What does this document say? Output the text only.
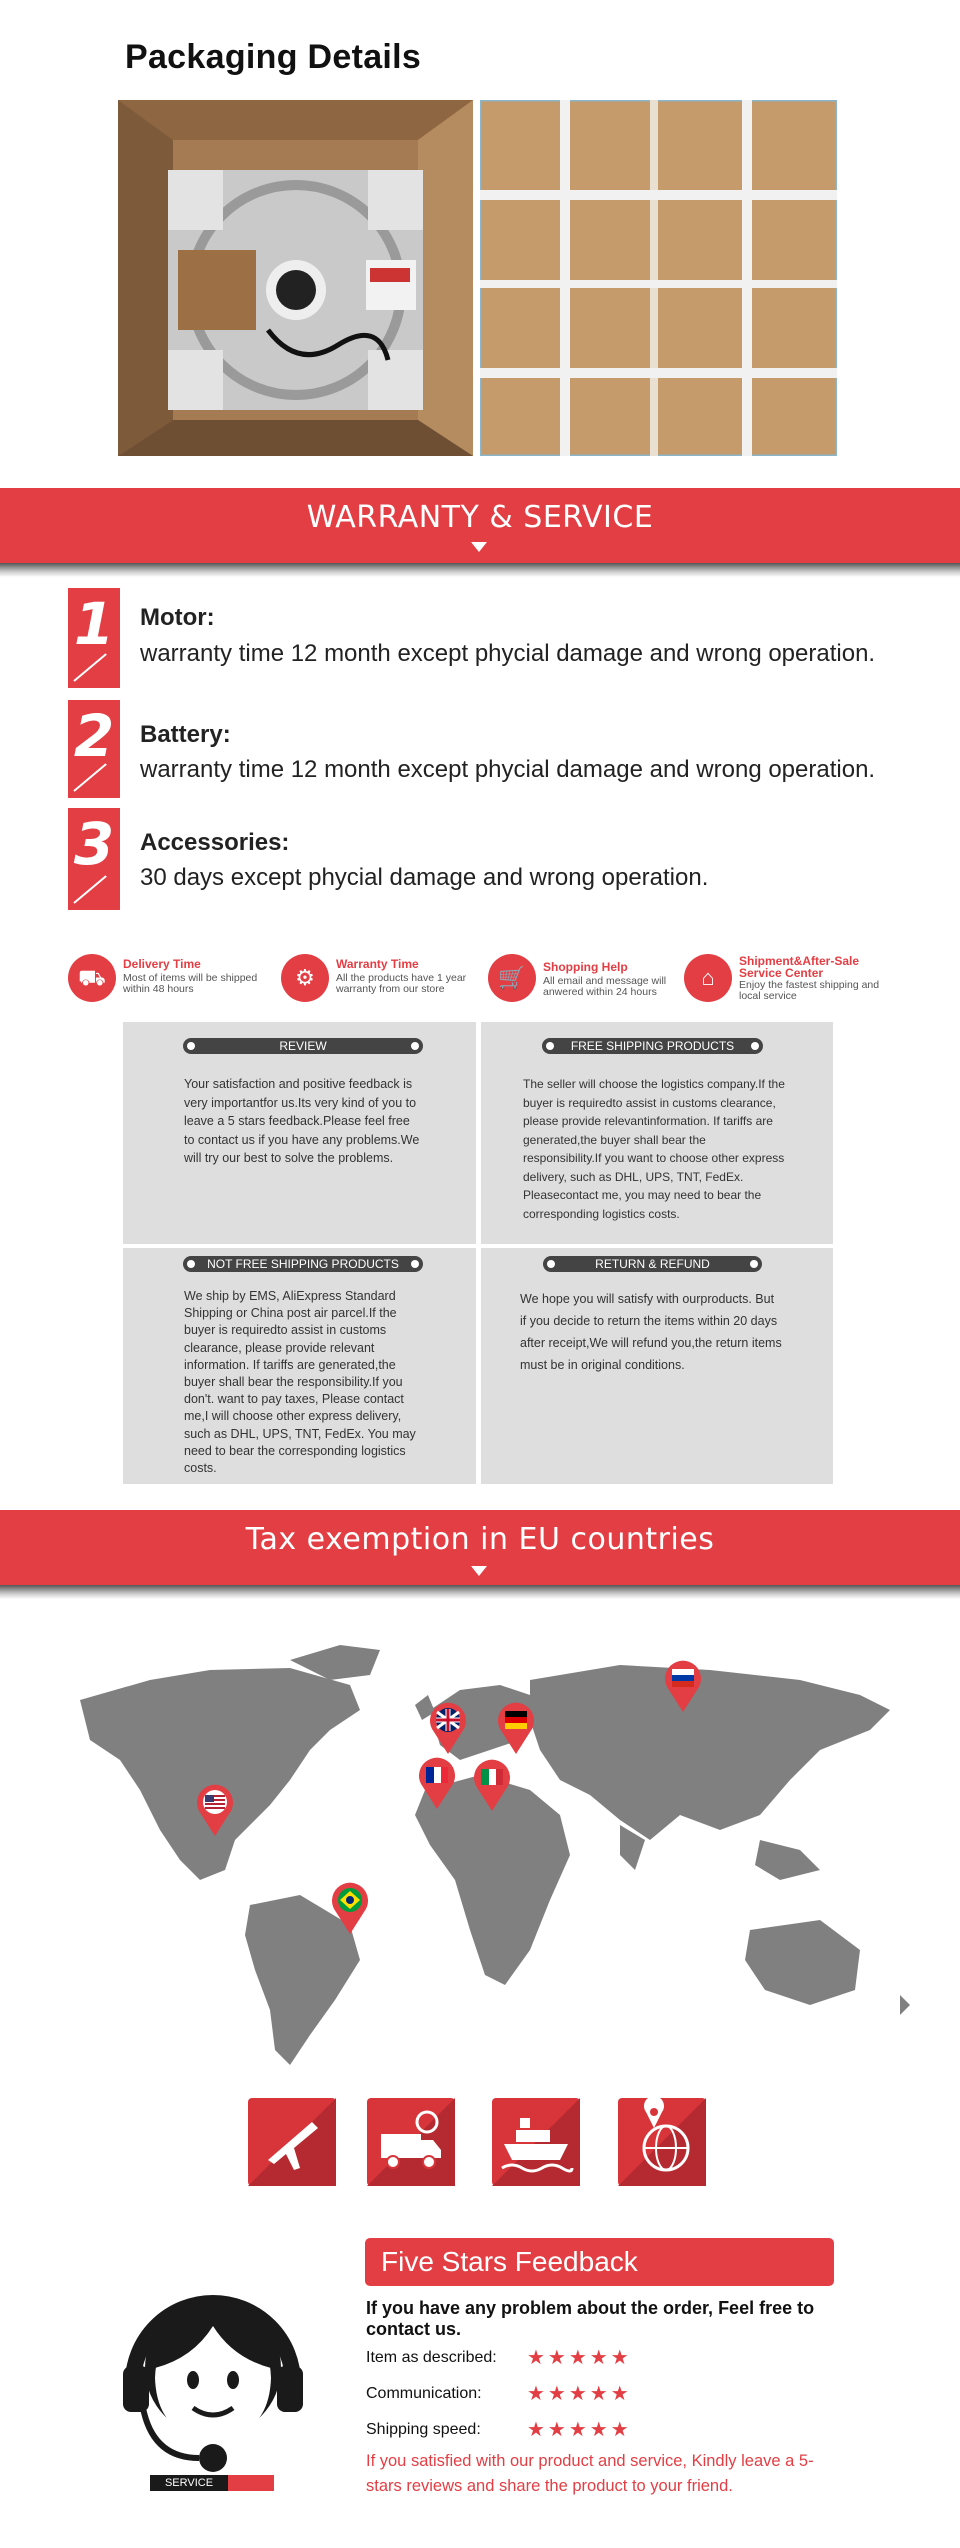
Packaging Details
WARRANTY & SERVICE
1 Motor:
warranty time 12 month except phycial damage and wrong operation.
2 Battery:
warranty time 12 month except phycial damage and wrong operation.
3 Accessories:
30 days except phycial damage and wrong operation.
⛟
Delivery Time
Most of items will be shipped
within 48 hours	⚙
Warranty Time
All the products have 1 year
warranty from our store	🛒	Shopping Help
All email and message will
anwered within 24 hours
⌂
Shipment&After-Sale
Service Center
Enjoy the fastest shipping and
local service
REVIEW
Your satisfaction and positive feedback is very importantfor us.Its very kind of you to leave a 5 stars feedback.Please feel free to contact us if you have any problems.We will try our best to solve the problems.
FREE SHIPPING PRODUCTS
The seller will choose the logistics company.If the buyer is requiredto assist in customs clearance, please provide relevantinformation. If tariffs are generated,the buyer shall bear the responsibility.If you want to choose other express delivery, such as DHL, UPS, TNT, FedEx. Pleasecontact me, you may need to bear the corresponding logistics costs.
NOT FREE SHIPPING PRODUCTS
We ship by EMS, AliExpress Standard Shipping or China post air parcel.If the buyer is requiredto assist in customs clearance, please provide relevant information. If tariffs are generated,the buyer shall bear the responsibility.If you don't. want to pay taxes, Please contact me,I will choose other express delivery, such as DHL, UPS, TNT, FedEx. You may need to bear the corresponding logistics costs.
RETURN & REFUND
We hope you will satisfy with ourproducts. But if you decide to return the items within 20 days after receipt,We will refund you,the return items must be in original conditions.
Tax exemption in EU countries
SERVICE
Five Stars Feedback
If you have any problem about the order, Feel free to contact us.
Item as described: ★★★★★
Communication: ★★★★★
Shipping speed: ★★★★★
If you satisfied with our product and service, Kindly leave a 5-stars reviews and share the product to your friend.
